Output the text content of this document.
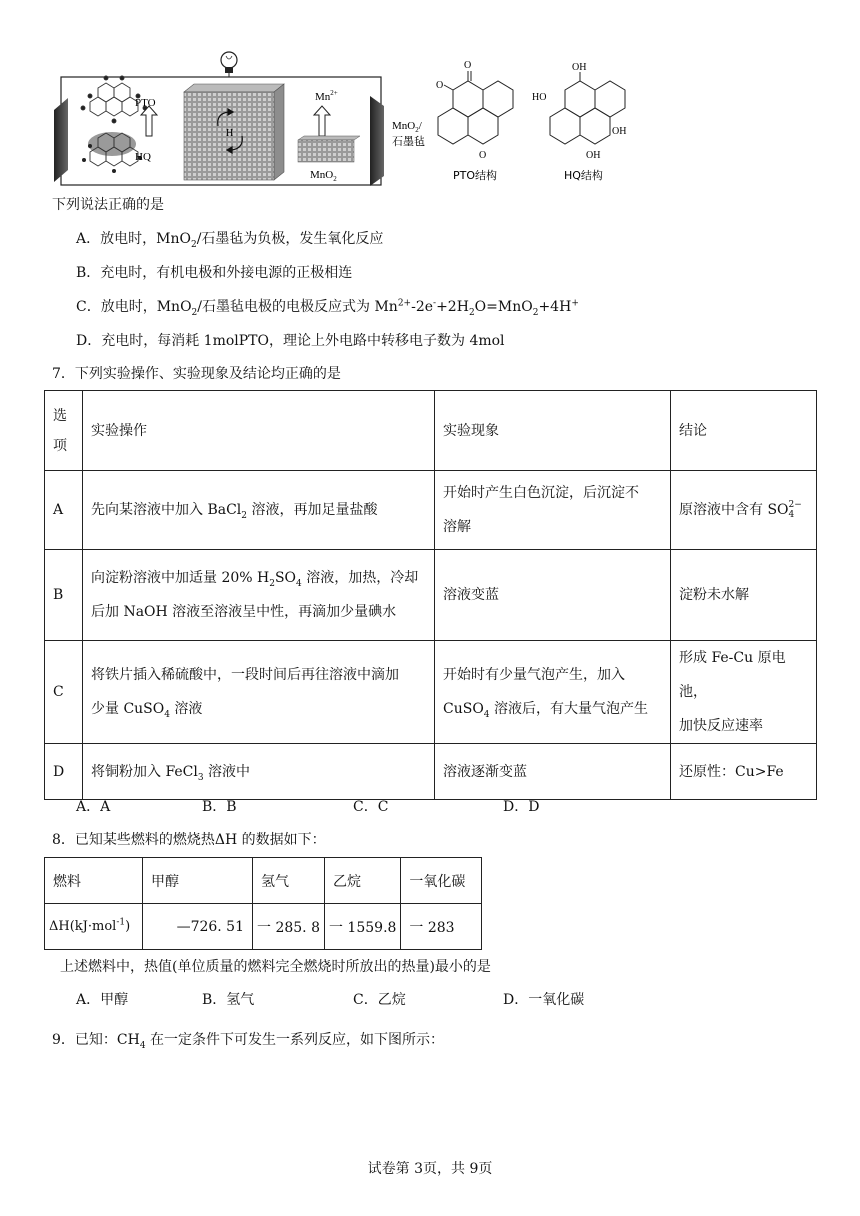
PTO
HQ
H
$Mn^{2+}$
MnO$_2$
MnO$_2$/
石墨毡
O
O
O
PTO结构
OH
HO
OH
OH
HQ结构
下列说法正确的是
A．放电时，MnO$_2$/石墨毡为负极，发生氧化反应
B．充电时，有机电极和外接电源的正极相连
C．放电时，MnO$_2$/石墨毡电极的电极反应式为 $Mn^{2+}-2e^-+2H_2O=MnO_2+4H^+$
D．充电时，每消耗 1molPTO，理论上外电路中转移电子数为 4mol
7．下列实验操作、实验现象及结论均正确的是
选
项	实验操作	实验现象	结论
A	先向某溶液中加入 BaCl$_2$ 溶液，再加足量盐酸	开始时产生白色沉淀，后沉淀不
溶解	原溶液中含有 SO2−
4
B	向淀粉溶液中加适量 20% $H_2SO_4$ 溶液，加热，冷却
后加 NaOH 溶液至溶液呈中性，再滴加少量碘水	溶液变蓝	淀粉未水解
C	将铁片插入稀硫酸中，一段时间后再往溶液中滴加
少量 CuSO$_4$ 溶液	开始时有少量气泡产生，加入
CuSO$_4$ 溶液后，有大量气泡产生	形成 Fe-Cu 原电池，
加快反应速率
D	将铜粉加入 FeCl$_3$ 溶液中	溶液逐渐变蓝	还原性：Cu>Fe
A．A	B．B	C．C	D．D
8．已知某些燃料的燃烧热ΔH 的数据如下：
燃料	甲醇	氢气	乙烷	一氧化碳
ΔH(kJ·mol$^{-1}$)	—726. 51	一 285. 8	一 1559.8	一 283
上述燃料中，热值(单位质量的燃料完全燃烧时所放出的热量)最小的是
A．甲醇	B．氢气	C．乙烷	D．一氧化碳
9．已知：$CH_4$ 在一定条件下可发生一系列反应，如下图所示：
试卷第 3页，共 9页
